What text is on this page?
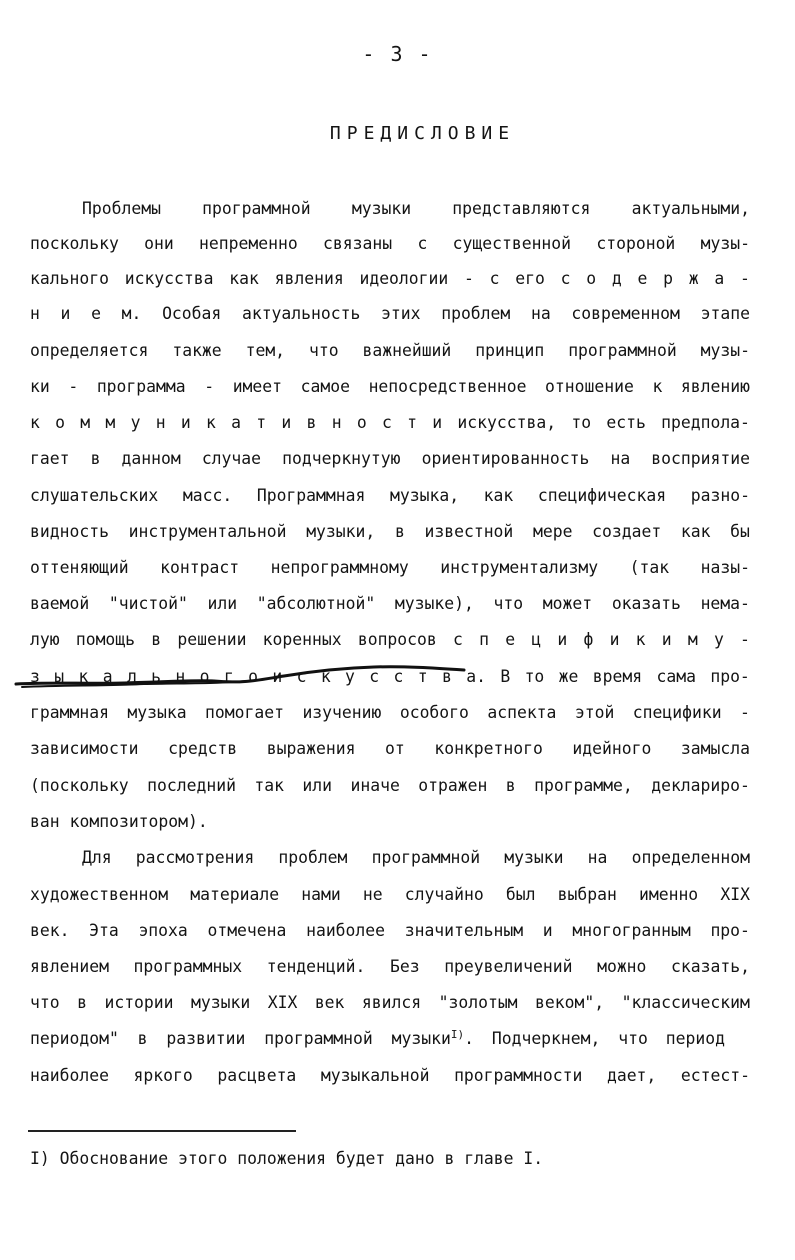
- 3 -
ПРЕДИСЛОВИЕ
Проблемы	программной	музыки	представляются	актуальными,
поскольку они непременно связаны с существенной стороной музы-
кального искусства как явления идеологии - с его с о д е р ж а -
н и е м. Особая актуальность этих проблем на современном этапе
определяется также тем, что важнейший принцип программной музы-
ки - программа - имеет самое непосредственное отношение к явлению
к о м м у н и к а т и в н о с т и искусства, то есть предпола-
гает в данном случае подчеркнутую ориентированность на восприятие
слушательских масс. Программная музыка, как специфическая разно-
видность инструментальной музыки, в известной мере создает как бы
оттеняющий контраст непрограммному инструментализму (так назы-
ваемой "чистой" или "абсолютной" музыке), что может оказать нема-
лую помощь в решении коренных вопросов с п е ц и ф и к и м у -
з ы к а л ь н о г о и с к у с с т в а. В то же время сама про-
граммная музыка помогает изучению особого аспекта этой специфики -
зависимости средств выражения от конкретного идейного замысла
(поскольку последний так или иначе отражен в программе, деклариро-
ван композитором).
Для рассмотрения проблем программной музыки на определенном
художественном материале нами не случайно был выбран именно XIX
век. Эта эпоха отмечена наиболее значительным и многогранным про-
явлением программных тенденций. Без преувеличений можно сказать,
что в истории музыки XIX век явился "золотым веком", "классическим
периодом" в развитии программной музыки$^{I)}$ . Подчеркнем, что период
наиболее яркого расцвета музыкальной программности дает, естест-
I) Обоснование этого положения будет дано в главе I.
